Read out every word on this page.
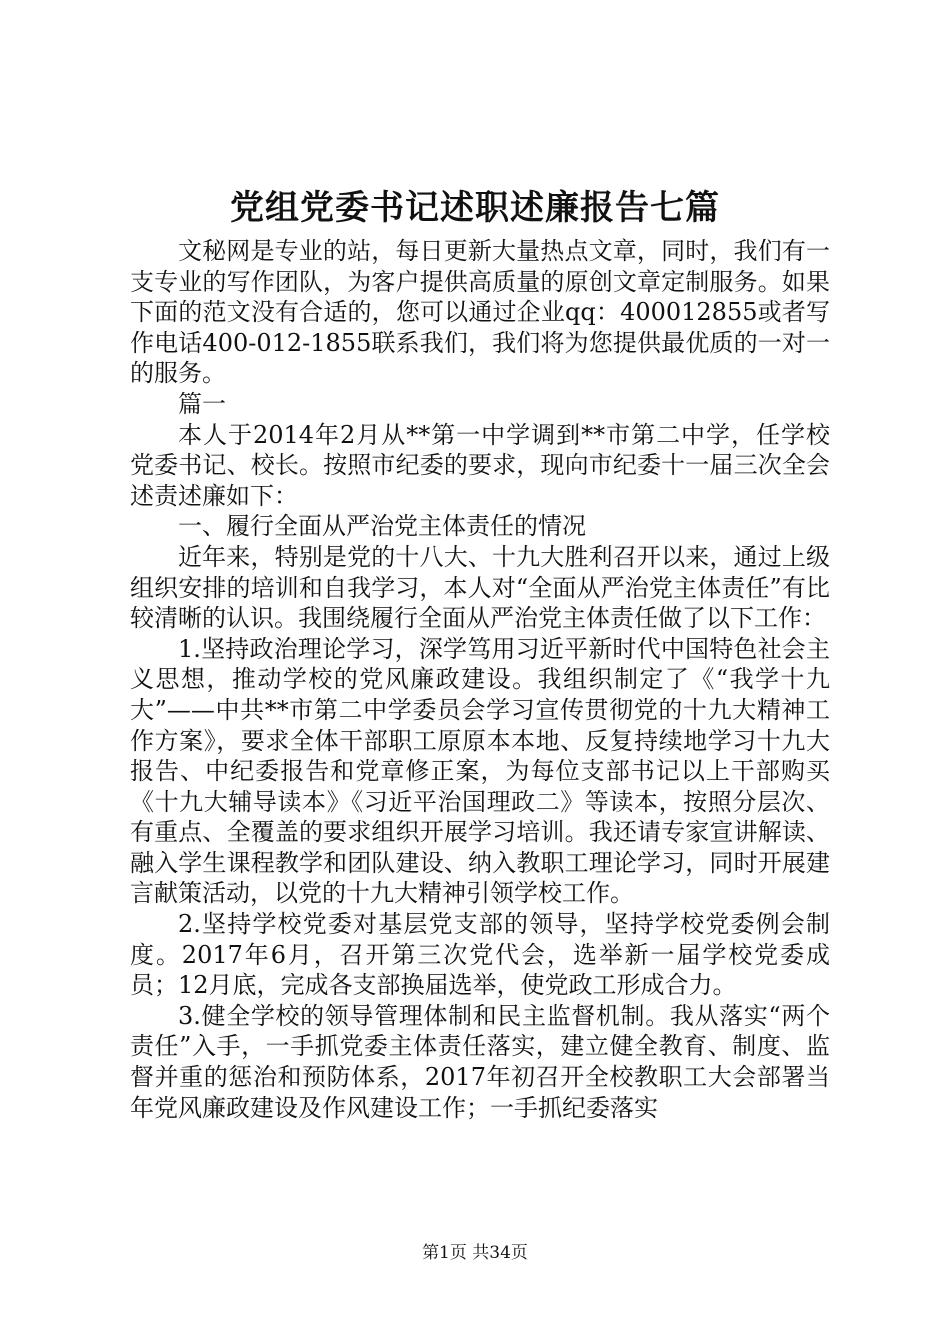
党组党委书记述职述廉报告七篇

文秘网是专业的站，每日更新大量热点文章，同时，我们有一支专业的写作团队，为客户提供高质量的原创文章定制服务。如果下面的范文没有合适的，您可以通过企业qq：400012855或者写作电话400-012-1855联系我们，我们将为您提供最优质的一对一的服务。

篇一

本人于2014年2月从**第一中学调到**市第二中学，任学校党委书记、校长。按照市纪委的要求，现向市纪委十一届三次全会述责述廉如下：

一、履行全面从严治党主体责任的情况

近年来，特别是党的十八大、十九大胜利召开以来，通过上级组织安排的培训和自我学习，本人对“全面从严治党主体责任”有比较清晰的认识。我围绕履行全面从严治党主体责任做了以下工作：

1.坚持政治理论学习，深学笃用习近平新时代中国特色社会主义思想，推动学校的党风廉政建设。我组织制定了《“我学十九大”——中共**市第二中学委员会学习宣传贯彻党的十九大精神工作方案》，要求全体干部职工原原本本地、反复持续地学习十九大报告、中纪委报告和党章修正案，为每位支部书记以上干部购买《十九大辅导读本》《习近平治国理政二》等读本，按照分层次、有重点、全覆盖的要求组织开展学习培训。我还请专家宣讲解读、融入学生课程教学和团队建设、纳入教职工理论学习，同时开展建言献策活动，以党的十九大精神引领学校工作。

2.坚持学校党委对基层党支部的领导，坚持学校党委例会制度。2017年6月，召开第三次党代会，选举新一届学校党委成员；12月底，完成各支部换届选举，使党政工形成合力。

3.健全学校的领导管理体制和民主监督机制。我从落实“两个责任”入手，一手抓党委主体责任落实，建立健全教育、制度、监督并重的惩治和预防体系，2017年初召开全校教职工大会部署当年党风廉政建设及作风建设工作；一手抓纪委落实

第1页 共34页
